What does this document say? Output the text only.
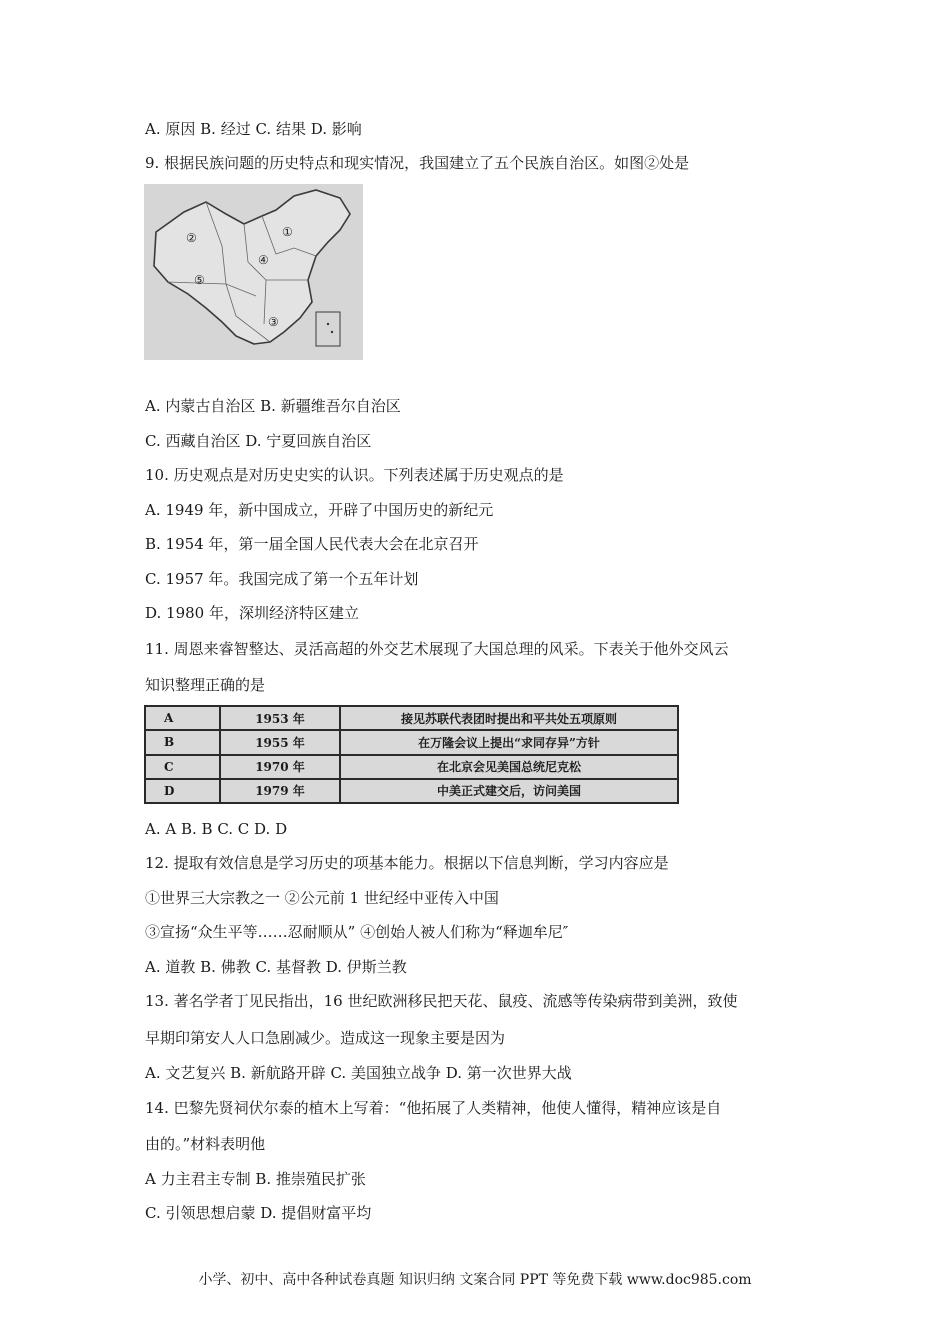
A. 原因 B. 经过 C. 结果 D. 影响
9. 根据民族问题的历史特点和现实情况，我国建立了五个民族自治区。如图②处是
①
②
③
④
⑤
A. 内蒙古自治区 B. 新疆维吾尔自治区
C. 西藏自治区 D. 宁夏回族自治区
10. 历史观点是对历史史实的认识。下列表述属于历史观点的是
A. 1949 年，新中国成立，开辟了中国历史的新纪元
B. 1954 年，第一届全国人民代表大会在北京召开
C. 1957 年。我国完成了第一个五年计划
D. 1980 年，深圳经济特区建立
11. 周恩来睿智整达、灵活高超的外交艺术展现了大国总理的风采。下表关于他外交风云
知识整理正确的是
A	1953 年	接见苏联代表团时提出和平共处五项原则
B	1955 年	在万隆会议上提出“求同存异”方针
C	1970 年	在北京会见美国总统尼克松
D	1979 年	中美正式建交后，访问美国
A. A B. B C. C D. D
12. 提取有效信息是学习历史的项基本能力。根据以下信息判断，学习内容应是
①世界三大宗教之一 ②公元前 1 世纪经中亚传入中国
③宣扬“众生平等……忍耐顺从” ④创始人被人们称为“释迦牟尼″
A. 道教 B. 佛教 C. 基督教 D. 伊斯兰教
13. 著名学者丁见民指出，16 世纪欧洲移民把天花、鼠疫、流感等传染病带到美洲，致使
早期印第安人人口急剧减少。造成这一现象主要是因为
A. 文艺复兴 B. 新航路开辟 C. 美国独立战争 D. 第一次世界大战
14. 巴黎先贤祠伏尔泰的植木上写着：“他拓展了人类精神，他使人懂得，精神应该是自
由的。”材料表明他
A 力主君主专制 B. 推崇殖民扩张
C. 引领思想启蒙 D. 提倡财富平均
小学、初中、高中各种试卷真题 知识归纳 文案合同 PPT 等免费下载 www.doc985.com
